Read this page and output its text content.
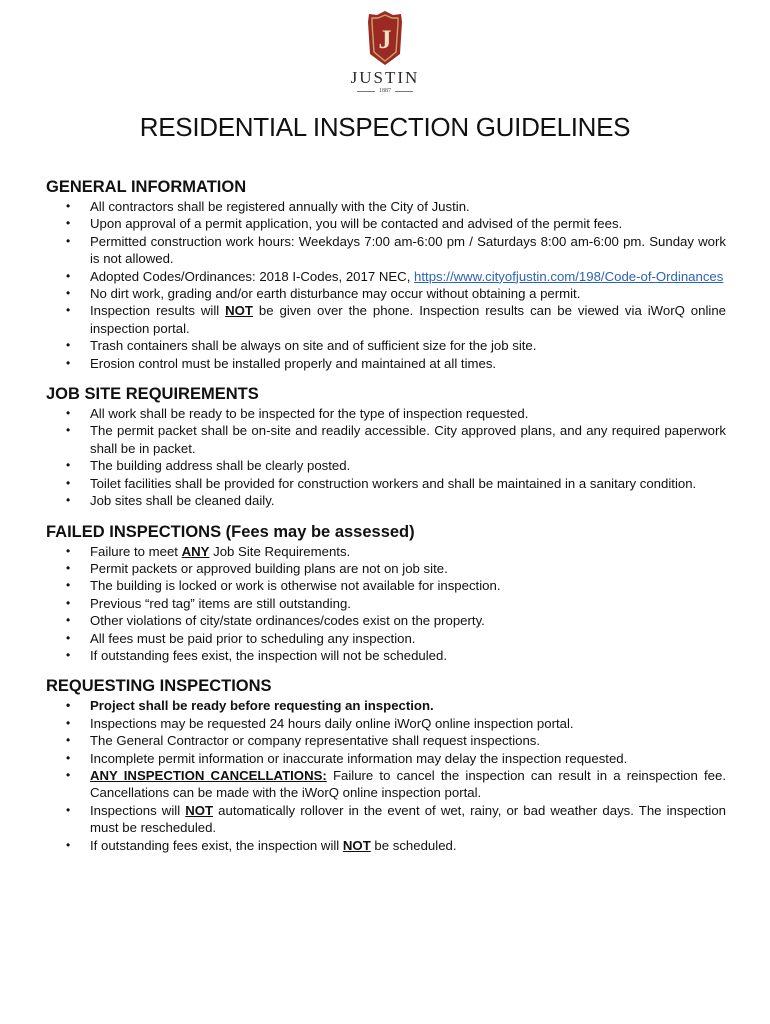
J
JUSTIN
1887
RESIDENTIAL INSPECTION GUIDELINES
GENERAL INFORMATION
• All contractors shall be registered annually with the City of Justin.
• Upon approval of a permit application, you will be contacted and advised of the permit fees.
• Permitted construction work hours: Weekdays 7:00 am-6:00 pm / Saturdays 8:00 am-6:00 pm. Sunday work is not allowed.
• Adopted Codes/Ordinances: 2018 I-Codes, 2017 NEC, https://www.cityofjustin.com/198/Code-of-Ordinances
• No dirt work, grading and/or earth disturbance may occur without obtaining a permit.
• Inspection results will NOT be given over the phone. Inspection results can be viewed via iWorQ online inspection portal.
• Trash containers shall be always on site and of sufficient size for the job site.
• Erosion control must be installed properly and maintained at all times.
JOB SITE REQUIREMENTS
• All work shall be ready to be inspected for the type of inspection requested.
• The permit packet shall be on-site and readily accessible. City approved plans, and any required paperwork shall be in packet.
• The building address shall be clearly posted.
• Toilet facilities shall be provided for construction workers and shall be maintained in a sanitary condition.
• Job sites shall be cleaned daily.
FAILED INSPECTIONS (Fees may be assessed)
• Failure to meet ANY Job Site Requirements.
• Permit packets or approved building plans are not on job site.
• The building is locked or work is otherwise not available for inspection.
• Previous “red tag” items are still outstanding.
• Other violations of city/state ordinances/codes exist on the property.
• All fees must be paid prior to scheduling any inspection.
• If outstanding fees exist, the inspection will not be scheduled.
REQUESTING INSPECTIONS
• Project shall be ready before requesting an inspection.
• Inspections may be requested 24 hours daily online iWorQ online inspection portal.
• The General Contractor or company representative shall request inspections.
• Incomplete permit information or inaccurate information may delay the inspection requested.
• ANY INSPECTION CANCELLATIONS: Failure to cancel the inspection can result in a reinspection fee. Cancellations can be made with the iWorQ online inspection portal.
• Inspections will NOT automatically rollover in the event of wet, rainy, or bad weather days. The inspection must be rescheduled.
• If outstanding fees exist, the inspection will NOT be scheduled.
